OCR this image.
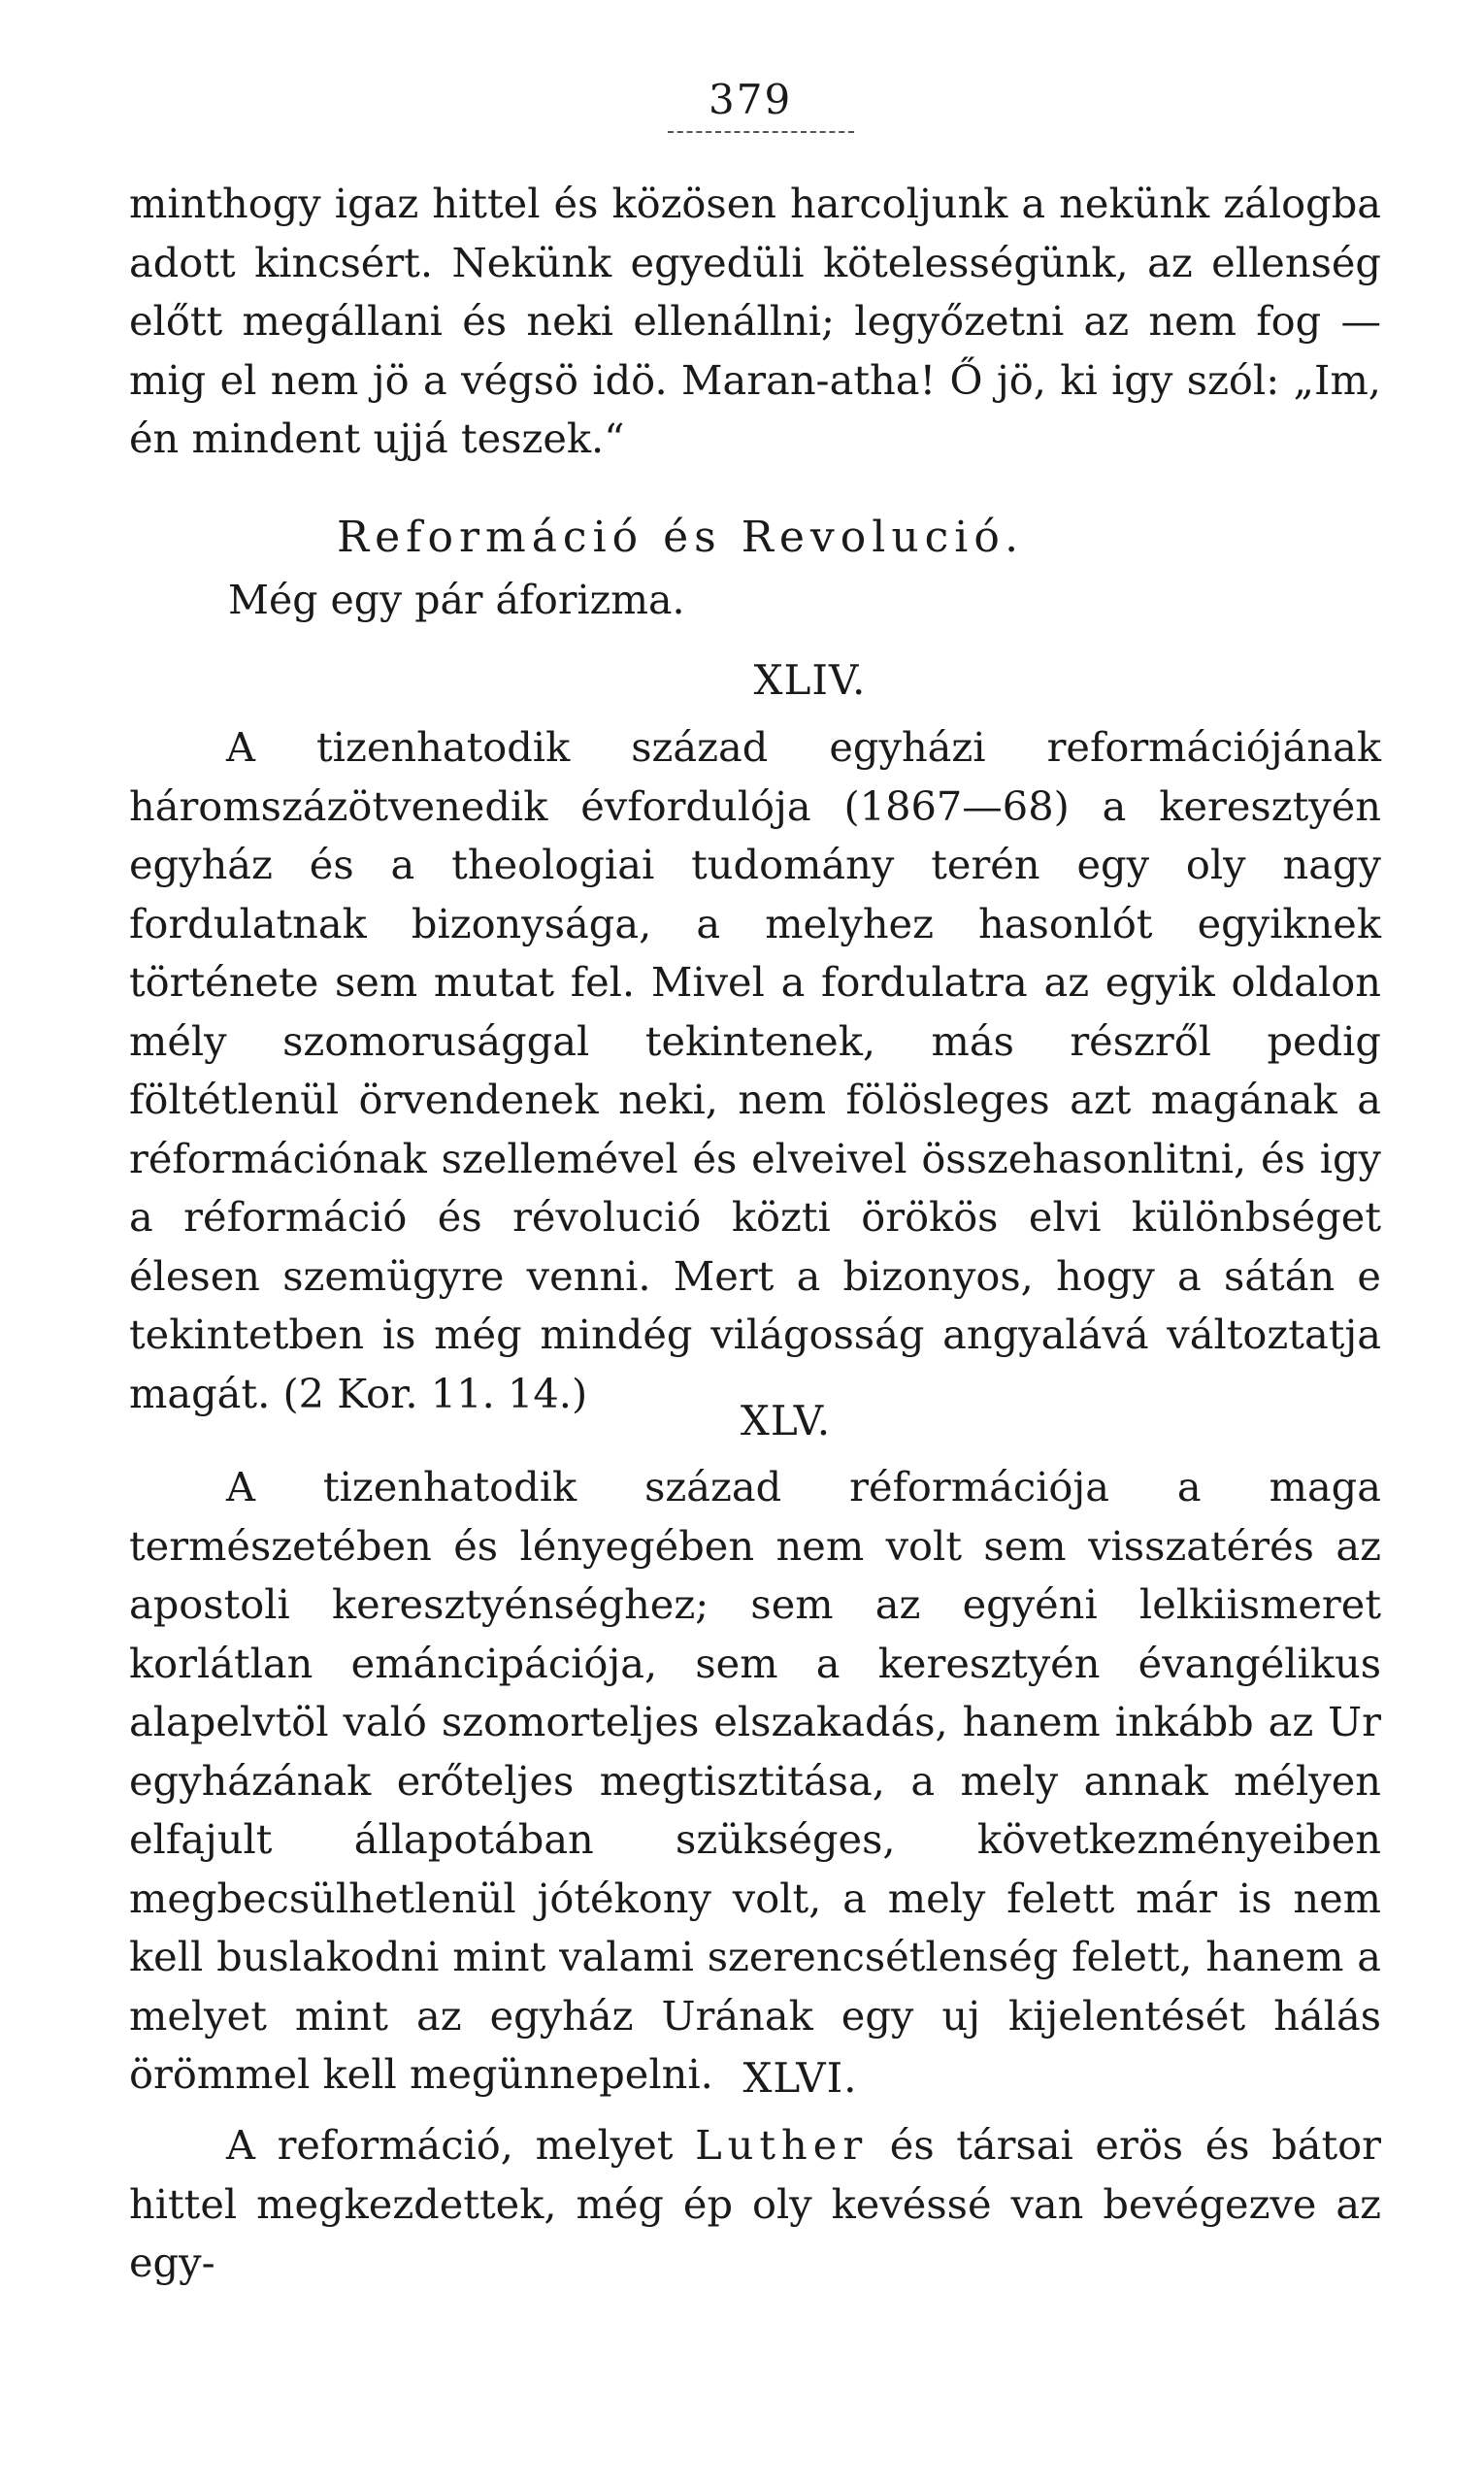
379

minthogy igaz hittel és közösen harcoljunk a nekünk zálogba adott kincsért. Nekünk egyedüli kötelességünk, az ellenség előtt megállani és neki ellenállni; legyőzetni az nem fog — mig el nem jö a végsö idö. Maran-atha! Ő jö, ki igy szól: „Im, én mindent ujjá teszek.“

Reformáció és Revolució.
Még egy pár áforizma.
XLIV.

A tizenhatodik század egyházi reformációjának háromszázötvenedik évfordulója (1867—68) a keresztyén egyház és a theologiai tudomány terén egy oly nagy fordulatnak bizonysága, a melyhez hasonlót egyiknek története sem mutat fel. Mivel a fordulatra az egyik oldalon mély szomorusággal tekintenek, más részről pedig föltétlenül örvendenek neki, nem fölösleges azt magának a réformációnak szellemével és elveivel összehasonlitni, és igy a réformáció és révolució közti örökös elvi különbséget élesen szemügyre venni. Mert a bizonyos, hogy a sátán e tekintetben is még mindég világosság angyalává változtatja magát. (2 Kor. 11. 14.)

XLV.

A tizenhatodik század réformációja a maga természetében és lényegében nem volt sem visszatérés az apostoli keresztyénséghez; sem az egyéni lelkiismeret korlátlan emáncipációja, sem a keresztyén évangélikus alapelvtöl való szomorteljes elszakadás, hanem inkább az Ur egyházának erőteljes megtisztitása, a mely annak mélyen elfajult állapotában szükséges, következményeiben megbecsülhetlenül jótékony volt, a mely felett már is nem kell buslakodni mint valami szerencsétlenség felett, hanem a melyet mint az egyház Urának egy uj kijelentését hálás örömmel kell megünnepelni. XLVI.

A reformáció, melyet Luther és társai erös és bátor hittel megkezdettek, még ép oly kevéssé van bevégezve az egy-
